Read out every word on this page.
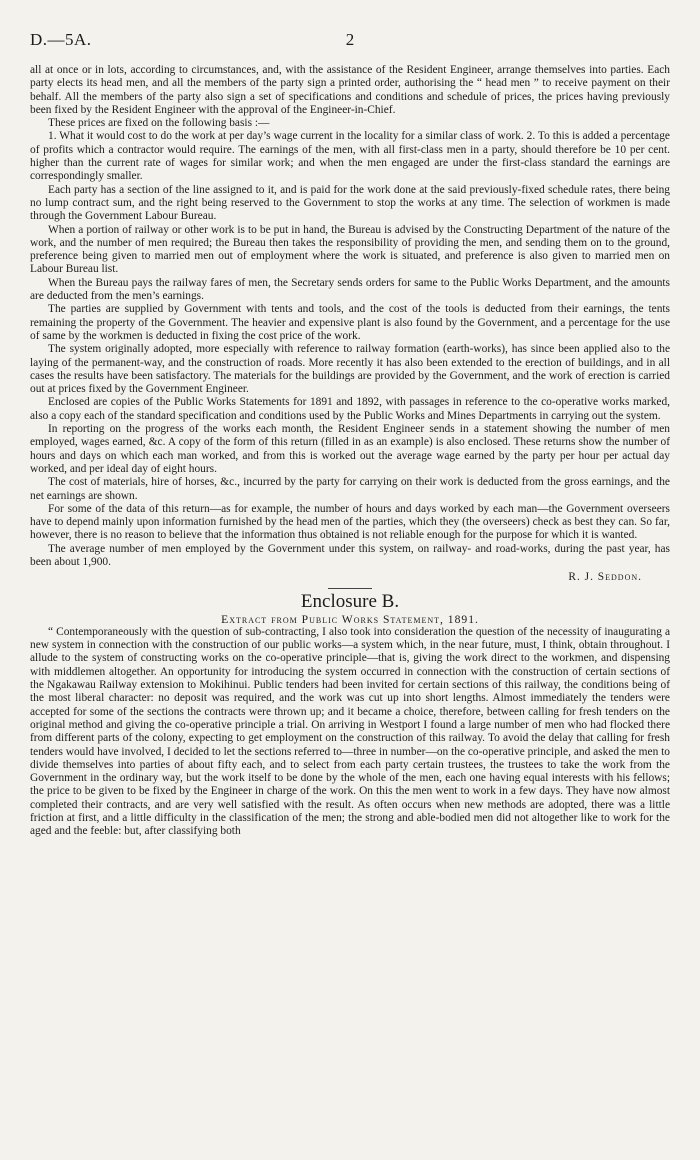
D.—5A.	2

all at once or in lots, according to circumstances, and, with the assistance of the Resident Engineer, arrange themselves into parties. Each party elects its head men, and all the members of the party sign a printed order, authorising the “ head men ” to receive payment on their behalf. All the members of the party also sign a set of specifications and conditions and schedule of prices, the prices having previously been fixed by the Resident Engineer with the approval of the Engineer-in-Chief.

These prices are fixed on the following basis :—

1. What it would cost to do the work at per day’s wage current in the locality for a similar class of work. 2. To this is added a percentage of profits which a contractor would require. The earnings of the men, with all first-class men in a party, should therefore be 10 per cent. higher than the current rate of wages for similar work; and when the men engaged are under the first-class standard the earnings are correspondingly smaller.

Each party has a section of the line assigned to it, and is paid for the work done at the said previously-fixed schedule rates, there being no lump contract sum, and the right being reserved to the Government to stop the works at any time. The selection of workmen is made through the Government Labour Bureau.

When a portion of railway or other work is to be put in hand, the Bureau is advised by the Constructing Department of the nature of the work, and the number of men required; the Bureau then takes the responsibility of providing the men, and sending them on to the ground, preference being given to married men out of employment where the work is situated, and preference is also given to married men on Labour Bureau list.

When the Bureau pays the railway fares of men, the Secretary sends orders for same to the Public Works Department, and the amounts are deducted from the men’s earnings.

The parties are supplied by Government with tents and tools, and the cost of the tools is deducted from their earnings, the tents remaining the property of the Government. The heavier and expensive plant is also found by the Government, and a percentage for the use of same by the workmen is deducted in fixing the cost price of the work.

The system originally adopted, more especially with reference to railway formation (earth-works), has since been applied also to the laying of the permanent-way, and the construction of roads. More recently it has also been extended to the erection of buildings, and in all cases the results have been satisfactory. The materials for the buildings are provided by the Government, and the work of erection is carried out at prices fixed by the Government Engineer.

Enclosed are copies of the Public Works Statements for 1891 and 1892, with passages in reference to the co-operative works marked, also a copy each of the standard specification and conditions used by the Public Works and Mines Departments in carrying out the system.

In reporting on the progress of the works each month, the Resident Engineer sends in a statement showing the number of men employed, wages earned, &c. A copy of the form of this return (filled in as an example) is also enclosed. These returns show the number of hours and days on which each man worked, and from this is worked out the average wage earned by the party per hour per actual day worked, and per ideal day of eight hours.

The cost of materials, hire of horses, &c., incurred by the party for carrying on their work is deducted from the gross earnings, and the net earnings are shown.

For some of the data of this return—as for example, the number of hours and days worked by each man—the Government overseers have to depend mainly upon information furnished by the head men of the parties, which they (the overseers) check as best they can. So far, however, there is no reason to believe that the information thus obtained is not reliable enough for the purpose for which it is wanted.

The average number of men employed by the Government under this system, on railway- and road-works, during the past year, has been about 1,900.

R. J. Seddon.

Enclosure B.

Extract from Public Works Statement, 1891.

“ Contemporaneously with the question of sub-contracting, I also took into consideration the question of the necessity of inaugurating a new system in connection with the construction of our public works—a system which, in the near future, must, I think, obtain throughout. I allude to the system of constructing works on the co-operative principle—that is, giving the work direct to the workmen, and dispensing with middlemen altogether. An opportunity for introducing the system occurred in connection with the construction of certain sections of the Ngakawau Railway extension to Mokihinui. Public tenders had been invited for certain sections of this railway, the conditions being of the most liberal character: no deposit was required, and the work was cut up into short lengths. Almost immediately the tenders were accepted for some of the sections the contracts were thrown up; and it became a choice, therefore, between calling for fresh tenders on the original method and giving the co-operative principle a trial. On arriving in Westport I found a large number of men who had flocked there from different parts of the colony, expecting to get employment on the construction of this railway. To avoid the delay that calling for fresh tenders would have involved, I decided to let the sections referred to—three in number—on the co-operative principle, and asked the men to divide themselves into parties of about fifty each, and to select from each party certain trustees, the trustees to take the work from the Government in the ordinary way, but the work itself to be done by the whole of the men, each one having equal interests with his fellows; the price to be given to be fixed by the Engineer in charge of the work. On this the men went to work in a few days. They have now almost completed their contracts, and are very well satisfied with the result. As often occurs when new methods are adopted, there was a little friction at first, and a little difficulty in the classification of the men; the strong and able-bodied men did not altogether like to work for the aged and the feeble: but, after classifying both
